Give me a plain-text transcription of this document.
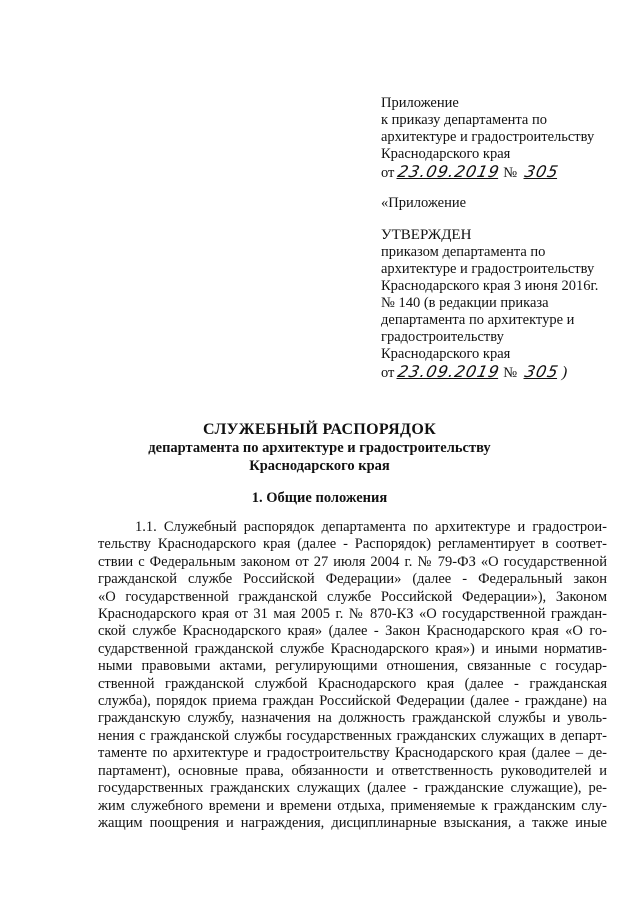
Приложение
к приказу департамента по
архитектуре и градостроительству
Краснодарского края
от 23.09.2019 № 305
«Приложение
УТВЕРЖДЕН
приказом департамента по
архитектуре и градостроительству
Краснодарского края 3 июня 2016г.
№ 140 (в редакции приказа
департамента по архитектуре и
градостроительству
Краснодарского края
от 23.09.2019 № 305)
СЛУЖЕБНЫЙ РАСПОРЯДОК
департамента по архитектуре и градостроительству
Краснодарского края
1. Общие положения
1.1. Служебный распорядок департамента по архитектуре и градострои-
тельству Краснодарского края (далее - Распорядок) регламентирует в соответ-
ствии с Федеральным законом от 27 июля 2004 г. № 79-ФЗ «О государственной
гражданской службе Российской Федерации» (далее - Федеральный закон
«О государственной гражданской службе Российской Федерации»), Законом
Краснодарского края от 31 мая 2005 г. № 870-КЗ «О государственной граждан-
ской службе Краснодарского края» (далее - Закон Краснодарского края «О го-
сударственной гражданской службе Краснодарского края») и иными норматив-
ными правовыми актами, регулирующими отношения, связанные с государ-
ственной гражданской службой Краснодарского края (далее - гражданская
служба), порядок приема граждан Российской Федерации (далее - граждане) на
гражданскую службу, назначения на должность гражданской службы и уволь-
нения с гражданской службы государственных гражданских служащих в департ-
таменте по архитектуре и градостроительству Краснодарского края (далее – де-
партамент), основные права, обязанности и ответственность руководителей и
государственных гражданских служащих (далее - гражданские служащие), ре-
жим служебного времени и времени отдыха, применяемые к гражданским слу-
жащим поощрения и награждения, дисциплинарные взыскания, а также иные
